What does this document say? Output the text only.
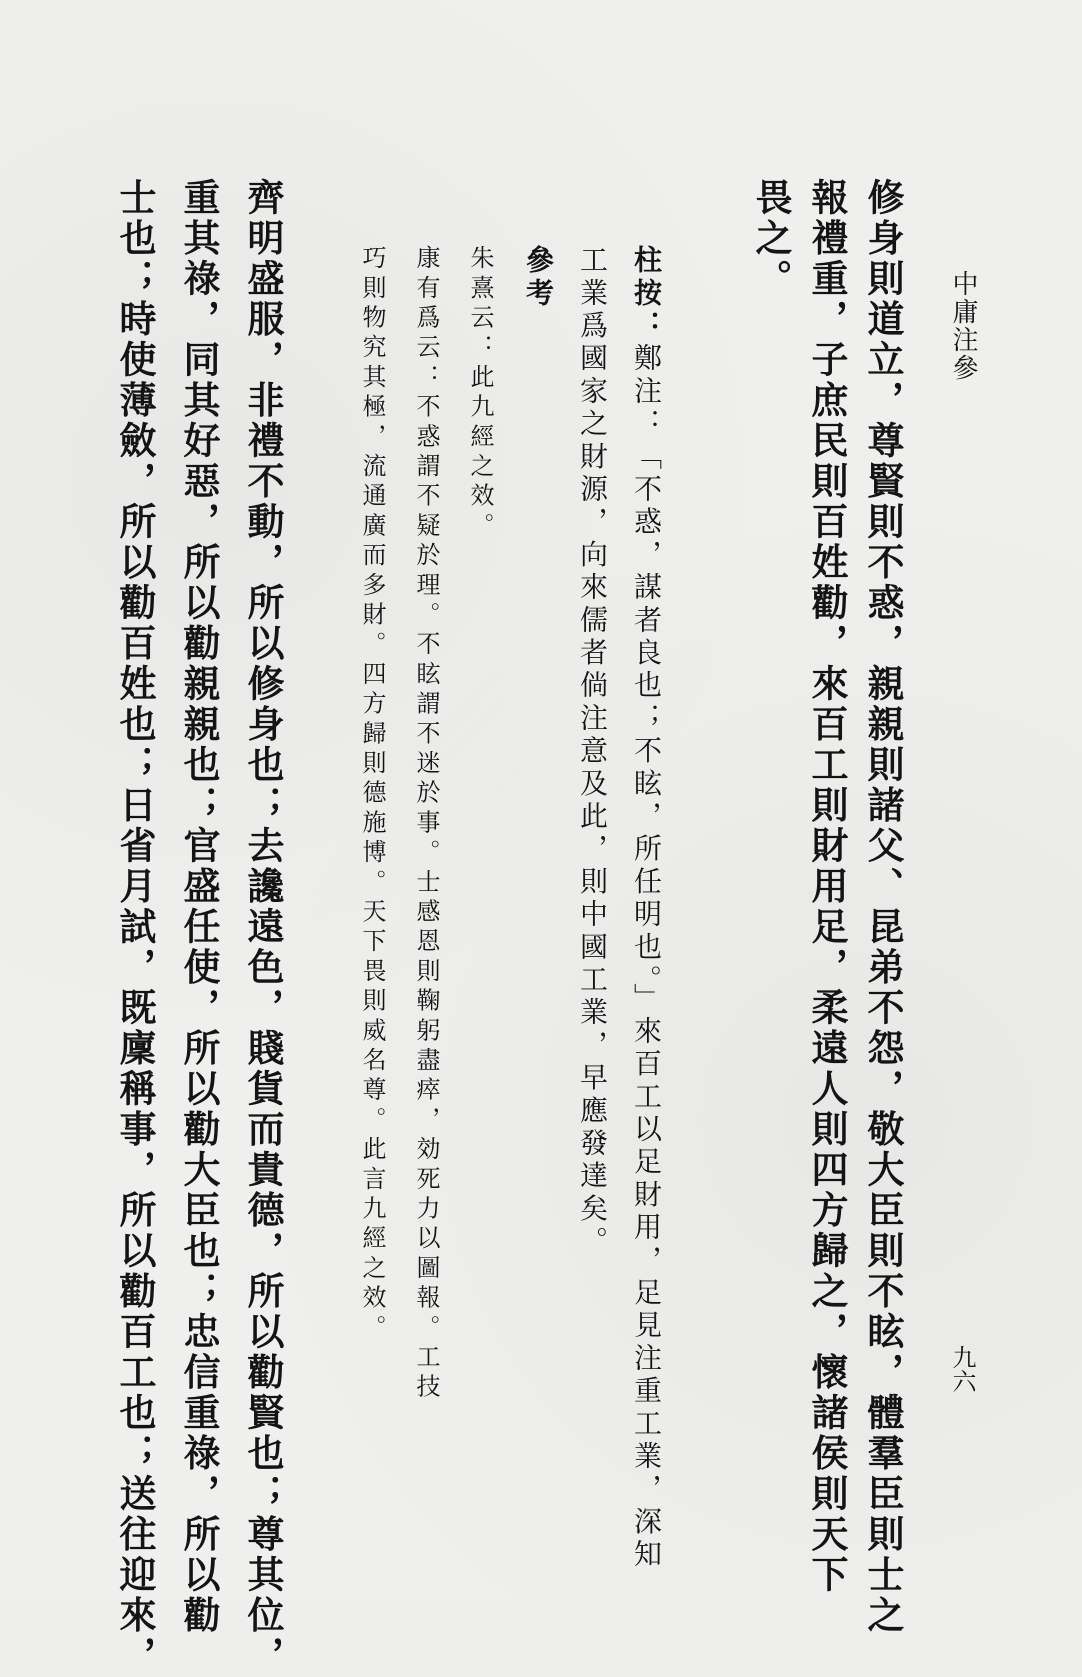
中庸注參
九六
修身則道立，尊賢則不惑，親親則諸父、昆弟不怨，敬大臣則不眩，體羣臣則士之
報禮重，子庶民則百姓勸，來百工則財用足，柔遠人則四方歸之，懷諸侯則天下
畏之。
柱按：鄭注：「不惑，謀者良也；不眩，所任明也。」來百工以足財用，足見注重工業，深知
工業爲國家之財源，向來儒者倘注意及此，則中國工業，早應發達矣。
參考
朱熹云：此九經之效。
康有爲云：不惑謂不疑於理。不眩謂不迷於事。士感恩則鞠躬盡瘁，効死力以圖報。工技
巧則物究其極，流通廣而多財。四方歸則德施博。天下畏則威名尊。此言九經之效。
齊明盛服，非禮不動，所以修身也；去讒遠色，賤貨而貴德，所以勸賢也；尊其位，
重其祿，同其好惡，所以勸親親也；官盛任使，所以勸大臣也；忠信重祿，所以勸
士也；時使薄斂，所以勸百姓也；日省月試，既廩稱事，所以勸百工也；送往迎來，
